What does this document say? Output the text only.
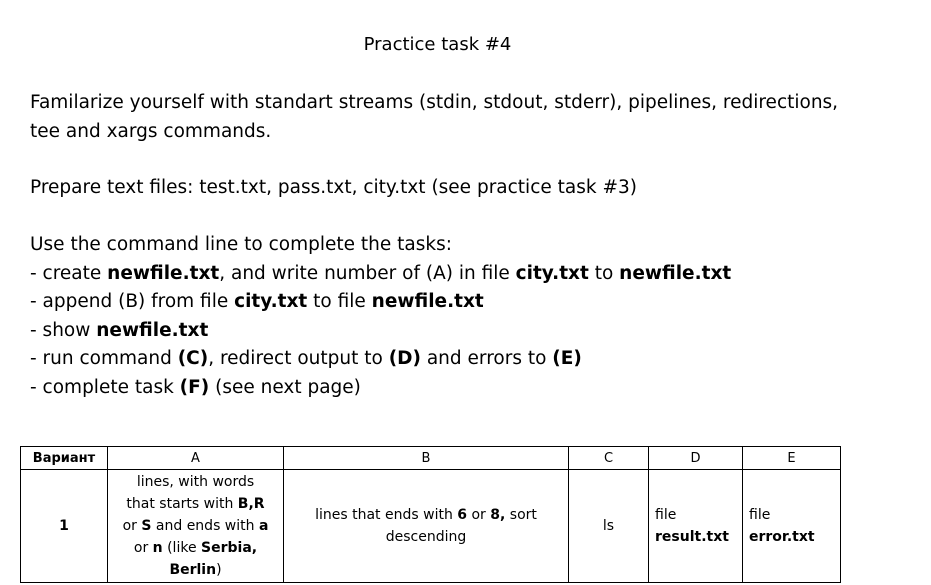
Practice task #4

Familarize yourself with standart streams (stdin, stdout, stderr), pipelines, redirections,
tee and xargs commands.

Prepare text files: test.txt, pass.txt, city.txt (see practice task #3)

Use the command line to complete the tasks:
- create newfile.txt, and write number of (A) in file city.txt to newfile.txt
- append (B) from file city.txt to file newfile.txt
- show newfile.txt
- run command (C), redirect output to (D) and errors to (E)
- complete task (F) (see next page)
Вариант	A	B	C	D	E
1	lines, with words
that starts with B,R
or S and ends with a
or n (like Serbia,
Berlin)	lines that ends with 6 or 8, sort
descending	ls	file
result.txt	file
error.txt
